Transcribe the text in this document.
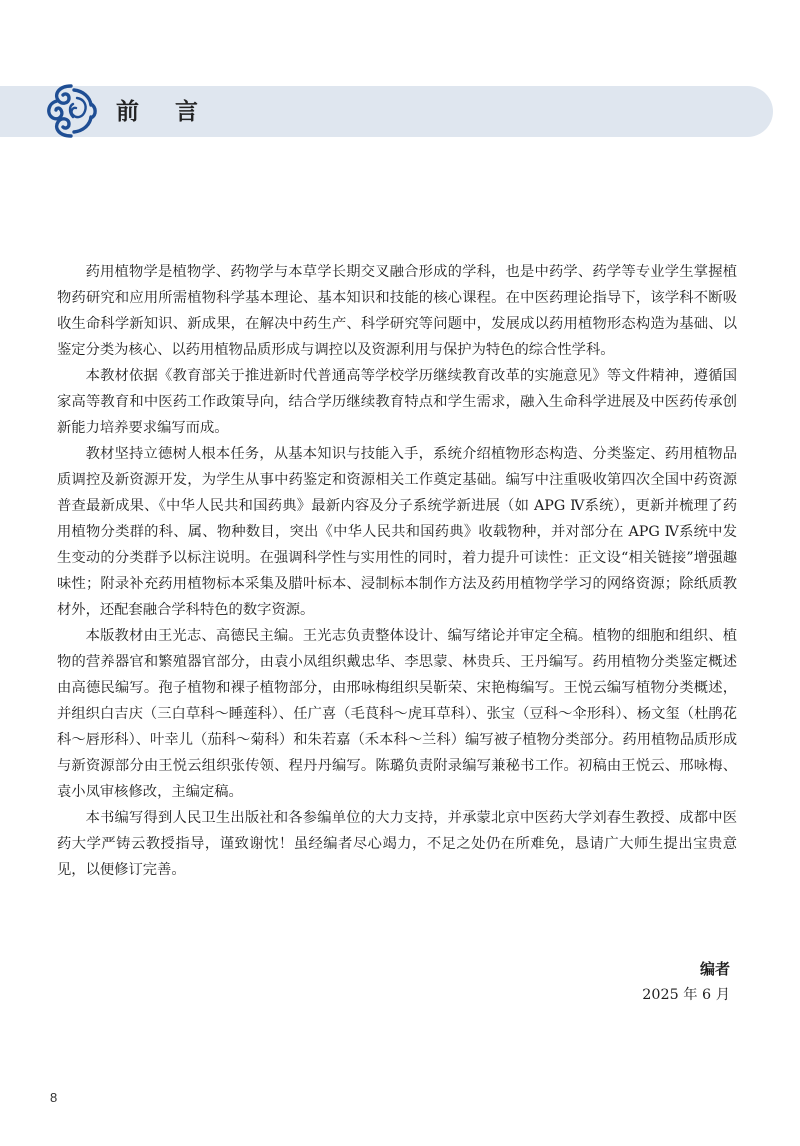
前 言

药用植物学是植物学、药物学与本草学长期交叉融合形成的学科，也是中药学、药学等专业学生掌握植物药研究和应用所需植物科学基本理论、基本知识和技能的核心课程。在中医药理论指导下，该学科不断吸收生命科学新知识、新成果，在解决中药生产、科学研究等问题中，发展成以药用植物形态构造为基础、以鉴定分类为核心、以药用植物品质形成与调控以及资源利用与保护为特色的综合性学科。

本教材依据《教育部关于推进新时代普通高等学校学历继续教育改革的实施意见》等文件精神，遵循国家高等教育和中医药工作政策导向，结合学历继续教育特点和学生需求，融入生命科学进展及中医药传承创新能力培养要求编写而成。

教材坚持立德树人根本任务，从基本知识与技能入手，系统介绍植物形态构造、分类鉴定、药用植物品质调控及新资源开发，为学生从事中药鉴定和资源相关工作奠定基础。编写中注重吸收第四次全国中药资源普查最新成果、《中华人民共和国药典》最新内容及分子系统学新进展（如 APG Ⅳ系统），更新并梳理了药用植物分类群的科、属、物种数目，突出《中华人民共和国药典》收载物种，并对部分在 APG Ⅳ系统中发生变动的分类群予以标注说明。在强调科学性与实用性的同时，着力提升可读性：正文设“相关链接”增强趣味性；附录补充药用植物标本采集及腊叶标本、浸制标本制作方法及药用植物学学习的网络资源；除纸质教材外，还配套融合学科特色的数字资源。

本版教材由王光志、高德民主编。王光志负责整体设计、编写绪论并审定全稿。植物的细胞和组织、植物的营养器官和繁殖器官部分，由袁小凤组织戴忠华、李思蒙、林贵兵、王丹编写。药用植物分类鉴定概述由高德民编写。孢子植物和裸子植物部分，由邢咏梅组织吴靳荣、宋艳梅编写。王悦云编写植物分类概述，并组织白吉庆（三白草科～睡莲科）、任广喜（毛茛科～虎耳草科）、张宝（豆科～伞形科）、杨文玺（杜鹃花科～唇形科）、叶幸儿（茄科～菊科）和朱若嘉（禾本科～兰科）编写被子植物分类部分。药用植物品质形成与新资源部分由王悦云组织张传领、程丹丹编写。陈璐负责附录编写兼秘书工作。初稿由王悦云、邢咏梅、袁小凤审核修改，主编定稿。

本书编写得到人民卫生出版社和各参编单位的大力支持，并承蒙北京中医药大学刘春生教授、成都中医药大学严铸云教授指导，谨致谢忱！虽经编者尽心竭力，不足之处仍在所难免，恳请广大师生提出宝贵意见，以便修订完善。

编者
2025 年 6 月
8
